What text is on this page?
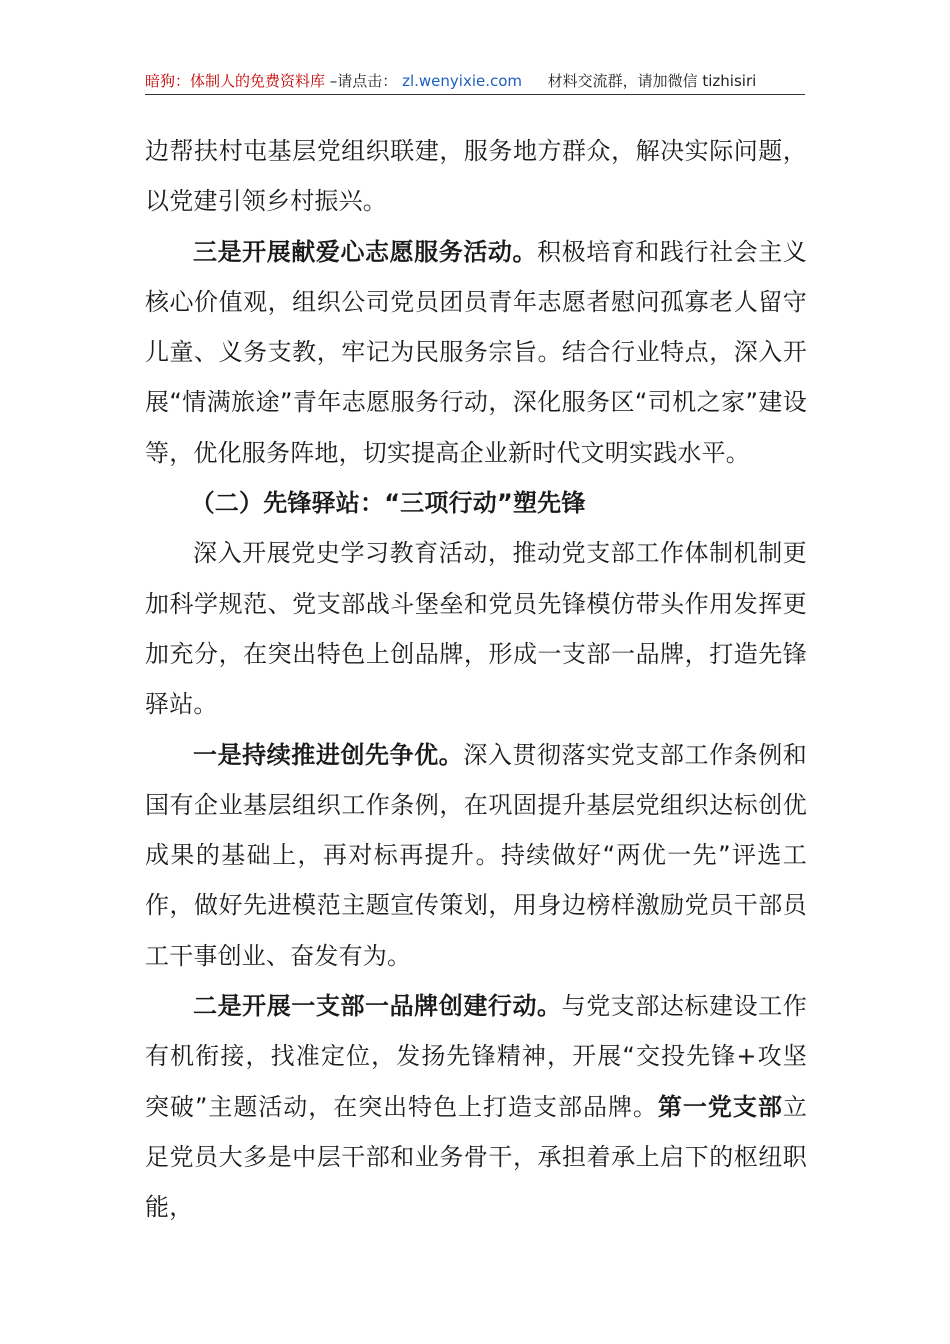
暗狗：体制人的免费资料库 –请点击： zl.wenyixie.com 材料交流群，请加微信 tizhisiri

边帮扶村屯基层党组织联建，服务地方群众，解决实际问题，以党建引领乡村振兴。

三是开展献爱心志愿服务活动。积极培育和践行社会主义核心价值观，组织公司党员团员青年志愿者慰问孤寡老人留守儿童、义务支教，牢记为民服务宗旨。结合行业特点，深入开展“情满旅途”青年志愿服务行动，深化服务区“司机之家”建设等，优化服务阵地，切实提高企业新时代文明实践水平。

（二）先锋驿站：“三项行动”塑先锋

深入开展党史学习教育活动，推动党支部工作体制机制更加科学规范、党支部战斗堡垒和党员先锋模仿带头作用发挥更加充分，在突出特色上创品牌，形成一支部一品牌，打造先锋驿站。

一是持续推进创先争优。深入贯彻落实党支部工作条例和国有企业基层组织工作条例，在巩固提升基层党组织达标创优成果的基础上，再对标再提升。持续做好“两优一先”评选工作，做好先进模范主题宣传策划，用身边榜样激励党员干部员工干事创业、奋发有为。

二是开展一支部一品牌创建行动。与党支部达标建设工作有机衔接，找准定位，发扬先锋精神，开展“交投先锋+攻坚突破”主题活动，在突出特色上打造支部品牌。第一党支部立足党员大多是中层干部和业务骨干，承担着承上启下的枢纽职能，
